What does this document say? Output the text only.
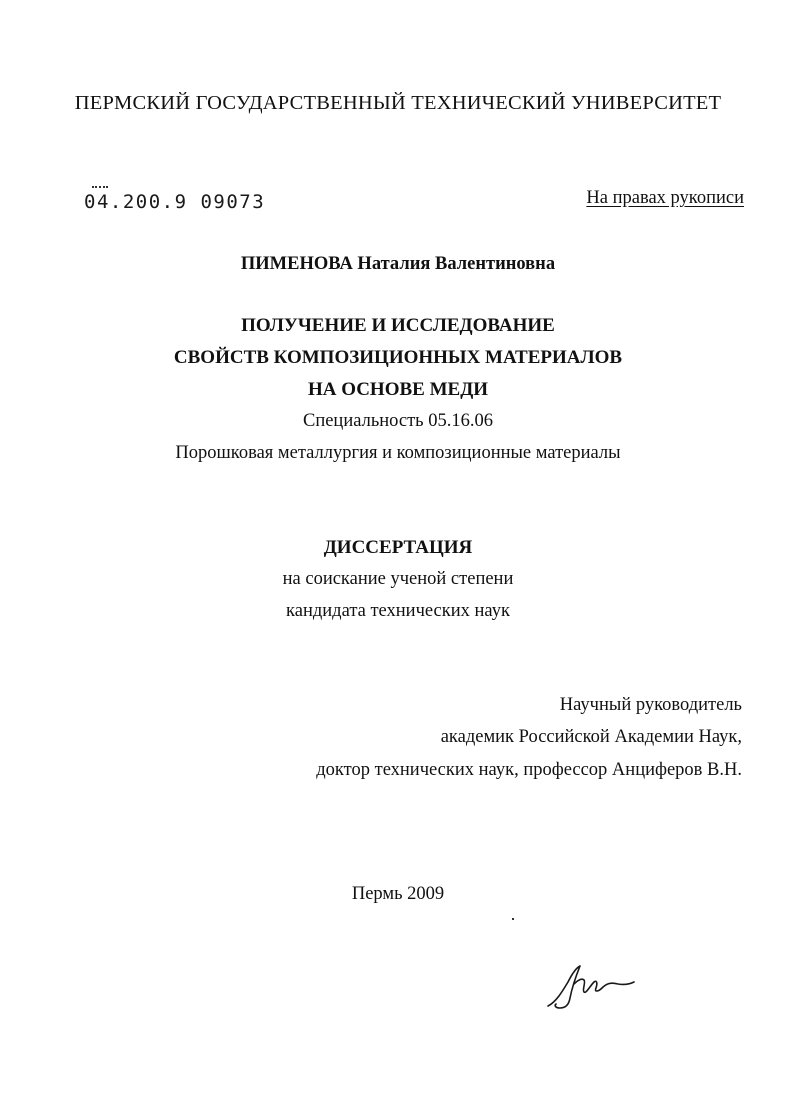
ПЕРМСКИЙ ГОСУДАРСТВЕННЫЙ ТЕХНИЧЕСКИЙ УНИВЕРСИТЕТ
04.200.9 09073	На правах рукописи
ПИМЕНОВА Наталия Валентиновна
ПОЛУЧЕНИЕ И ИССЛЕДОВАНИЕ
СВОЙСТВ КОМПОЗИЦИОННЫХ МАТЕРИАЛОВ
НА ОСНОВЕ МЕДИ
Специальность 05.16.06
Порошковая металлургия и композиционные материалы
ДИССЕРТАЦИЯ
на соискание ученой степени
кандидата технических наук
Научный руководитель
академик Российской Академии Наук,
доктор технических наук, профессор Анциферов В.Н.
Пермь 2009
